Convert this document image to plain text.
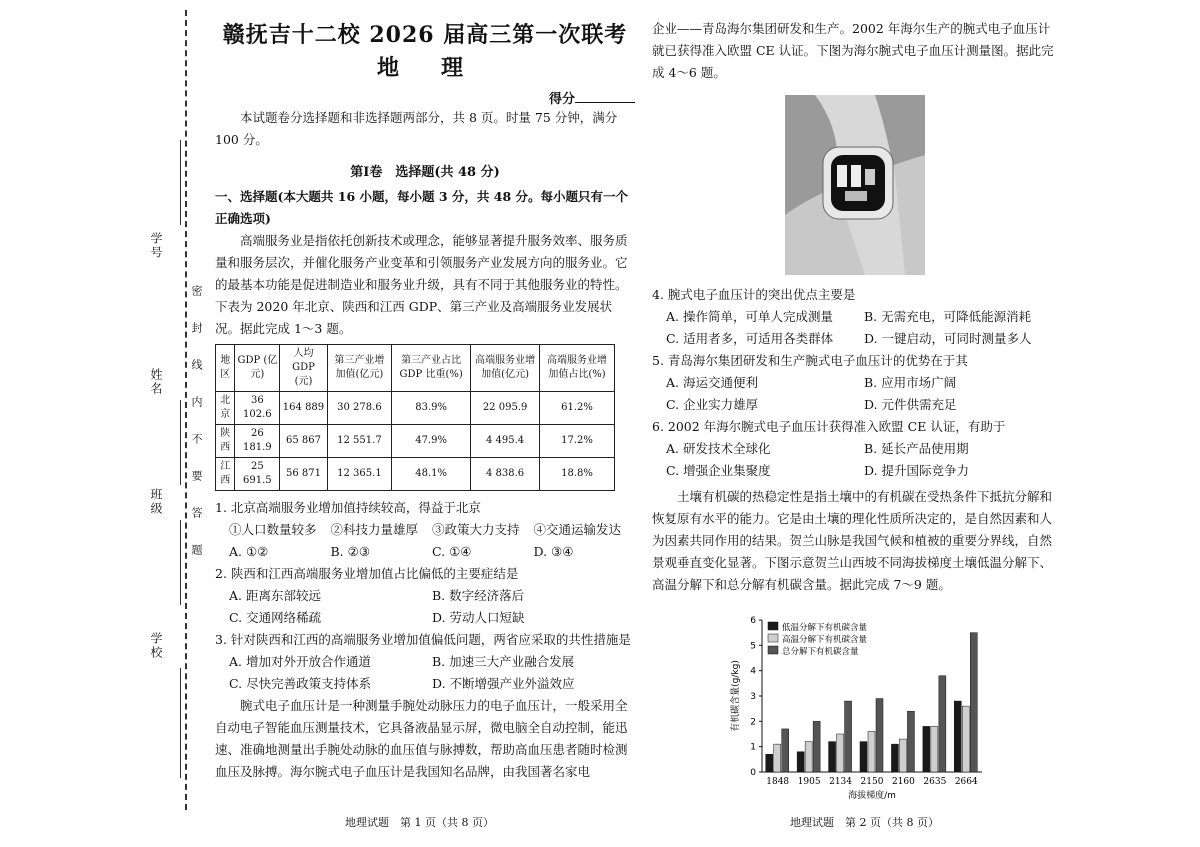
学号
姓名
班级
学校
密封线内不要答题
赣抚吉十二校 2026 届高三第一次联考
地　理
得分

本试题卷分选择题和非选择题两部分，共 8 页。时量 75 分钟，满分 100 分。

第Ⅰ卷　选择题(共 48 分)

一、选择题(本大题共 16 小题，每小题 3 分，共 48 分。每小题只有一个正确选项)

高端服务业是指依托创新技术或理念，能够显著提升服务效率、服务质量和服务层次，并催化服务产业变革和引领服务产业发展方向的服务业。它的最基本功能是促进制造业和服务业升级，具有不同于其他服务业的特性。下表为 2020 年北京、陕西和江西 GDP、第三产业及高端服务业发展状况。据此完成 1～3 题。

地区	GDP (亿元)	人均 GDP (元)	第三产业增加值(亿元)	第三产业占比 GDP 比重(%)	高端服务业增加值(亿元)	高端服务业增加值占比(%)
北京	36 102.6	164 889	30 278.6	83.9%	22 095.9	61.2%
陕西	26 181.9	65 867	12 551.7	47.9%	4 495.4	17.2%
江西	25 691.5	56 871	12 365.1	48.1%	4 838.6	18.8%

1. 北京高端服务业增加值持续较高，得益于北京

①人口数量较多	②科技力量雄厚	③政策大力支持	④交通运输发达
A. ①②	B. ②③	C. ①④	D. ③④

2. 陕西和江西高端服务业增加值占比偏低的主要症结是

A. 距离东部较远	B. 数字经济落后
C. 交通网络稀疏	D. 劳动人口短缺

3. 针对陕西和江西的高端服务业增加值偏低问题，两省应采取的共性措施是

A. 增加对外开放合作通道	B. 加速三大产业融合发展
C. 尽快完善政策支持体系	D. 不断增强产业外溢效应

腕式电子血压计是一种测量手腕处动脉压力的电子血压计，一般采用全自动电子智能血压测量技术，它具备液晶显示屏，微电脑全自动控制，能迅速、准确地测量出手腕处动脉的血压值与脉搏数，帮助高血压患者随时检测血压及脉搏。海尔腕式电子血压计是我国知名品牌，由我国著名家电

地理试题　第 1 页（共 8 页）

企业——青岛海尔集团研发和生产。2002 年海尔生产的腕式电子血压计就已获得准入欧盟 CE 认证。下图为海尔腕式电子血压计测量图。据此完成 4～6 题。

4. 腕式电子血压计的突出优点主要是

A. 操作简单，可单人完成测量	B. 无需充电，可降低能源消耗
C. 适用者多，可适用各类群体	D. 一键启动，可同时测量多人

5. 青岛海尔集团研发和生产腕式电子血压计的优势在于其

A. 海运交通便利	B. 应用市场广阔
C. 企业实力雄厚	D. 元件供需充足

6. 2002 年海尔腕式电子血压计获得准入欧盟 CE 认证，有助于

A. 研发技术全球化	B. 延长产品使用期
C. 增强企业集聚度	D. 提升国际竞争力

土壤有机碳的热稳定性是指土壤中的有机碳在受热条件下抵抗分解和恢复原有水平的能力。它是由土壤的理化性质所决定的，是自然因素和人为因素共同作用的结果。贺兰山脉是我国气候和植被的重要分界线，自然景观垂直变化显著。下图示意贺兰山西坡不同海拔梯度土壤低温分解下、高温分解下和总分解有机碳含量。据此完成 7～9 题。

0
1
2
3
4
5
6
1848 1905 2134 2150 2160 2635 2664
海拔梯度/m
有机碳含量(g/kg)
低温分解下有机碳含量
高温分解下有机碳含量
总分解下有机碳含量
地理试题　第 2 页（共 8 页）
